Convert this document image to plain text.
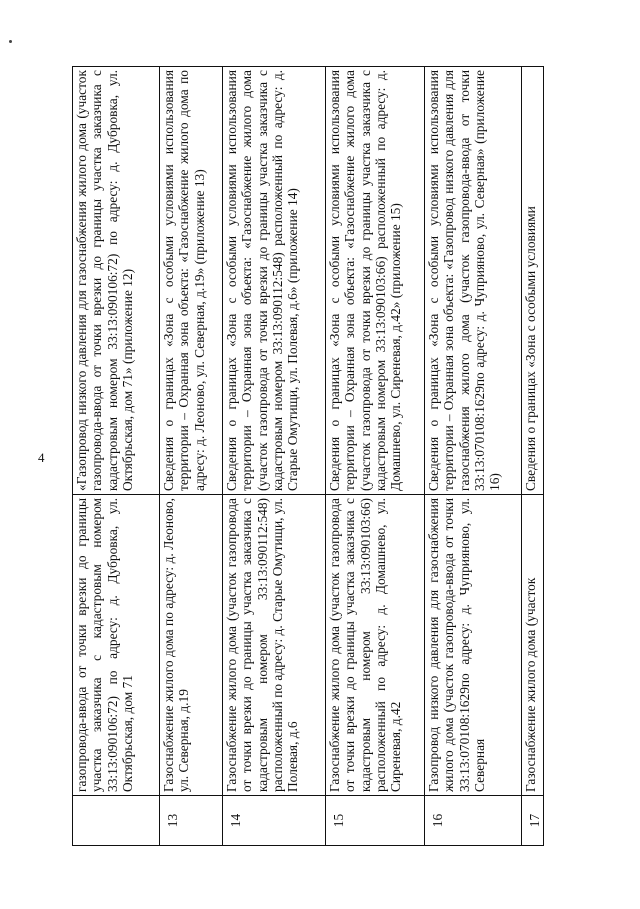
4
	газопровода-ввода от точки врезки до границы участка заказчика с кадастровым номером 33:13:090106:72) по адресу: д. Дубровка, ул. Октябрьская, дом 71	«Газопровод низкого давления для газоснабжения жилого дома (участок газопровода-ввода от точки врезки до границы участка заказчика с кадастровым номером 33:13:090106:72) по адресу: д. Дубровка, ул. Октябрьская, дом 71» (приложение 12)
13	Газоснабжение жилого дома по адресу: д. Леоново, ул. Северная, д.19	Сведения о границах «Зона с особыми условиями использования территории – Охранная зона объекта: «Газоснабжение жилого дома по адресу: д. Леоново, ул. Северная, д.19» (приложение 13)
14	Газоснабжение жилого дома (участок газопровода от точки врезки до границы участка заказчика с кадастровым номером 33:13:090112:548) расположенный по адресу: д. Старые Омутищи, ул. Полевая, д.6	Сведения о границах «Зона с особыми условиями использования территории – Охранная зона объекта: «Газоснабжение жилого дома (участок газопровода от точки врезки до границы участка заказчика с кадастровым номером 33:13:090112:548) расположенный по адресу: д. Старые Омутищи, ул. Полевая, д.6» (приложение 14)
15	Газоснабжение жилого дома (участок газопровода от точки врезки до границы участка заказчика с кадастровым номером 33:13:090103:66) расположенный по адресу: д. Домашнево, ул. Сиреневая, д.42	Сведения о границах «Зона с особыми условиями использования территории – Охранная зона объекта: «Газоснабжение жилого дома (участок газопровода от точки врезки до границы участка заказчика с кадастровым номером 33:13:090103:66) расположенный по адресу: д. Домашнево, ул. Сиреневая, д.42» (приложение 15)
16	Газопровод низкого давления для газоснабжения жилого дома (участок газопровода-ввода от точки 33:13:070108:1629по адресу: д. Чуприяново, ул. Северная	Сведения о границах «Зона с особыми условиями использования территории – Охранная зона объекта: «Газопровод низкого давления для газоснабжения жилого дома (участок газопровода-ввода от точки 33:13:070108:1629по адресу: д. Чуприяново, ул. Северная» (приложение 16)
17	Газоснабжение жилого дома (участок	Сведения о границах «Зона с особыми условиями
